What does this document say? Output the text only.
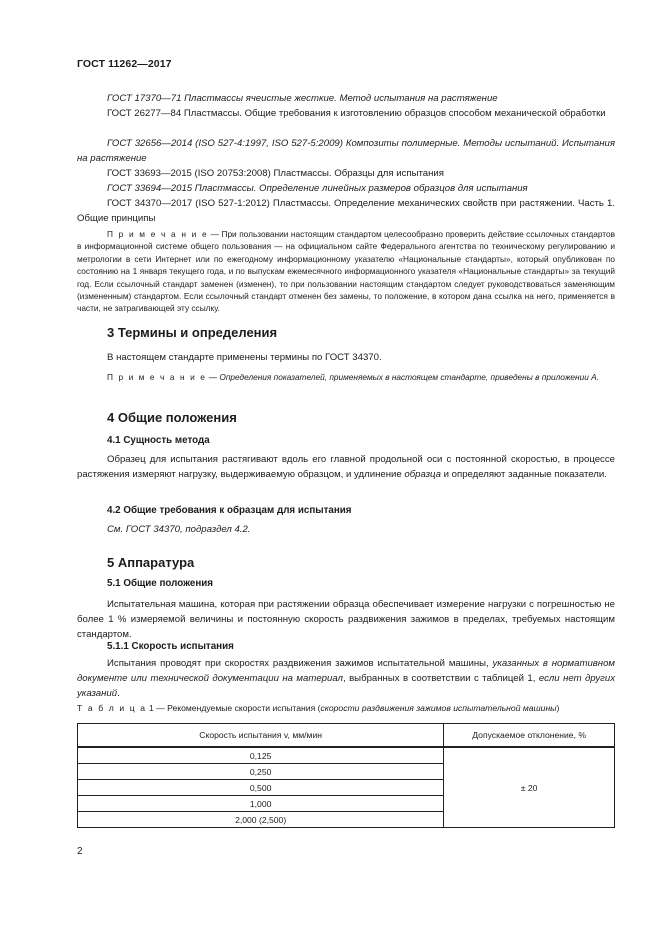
ГОСТ 11262—2017
ГОСТ 17370—71 Пластмассы ячеистые жесткие. Метод испытания на растяжение
ГОСТ 26277—84 Пластмассы. Общие требования к изготовлению образцов способом механической обработки
ГОСТ 32656—2014 (ISO 527-4:1997, ISO 527-5:2009) Композиты полимерные. Методы испытаний. Испытания на растяжение
ГОСТ 33693—2015 (ISO 20753:2008) Пластмассы. Образцы для испытания
ГОСТ 33694—2015 Пластмассы. Определение линейных размеров образцов для испытания
ГОСТ 34370—2017 (ISO 527-1:2012) Пластмассы. Определение механических свойств при растяжении. Часть 1. Общие принципы
П р и м е ч а н и е — При пользовании настоящим стандартом целесообразно проверить действие ссылочных стандартов в информационной системе общего пользования — на официальном сайте Федерального агентства по техническому регулированию и метрологии в сети Интернет или по ежегодному информационному указателю «Национальные стандарты», который опубликован по состоянию на 1 января текущего года, и по выпускам ежемесячного информационного указателя «Национальные стандарты» за текущий год. Если ссылочный стандарт заменен (изменен), то при пользовании настоящим стандартом следует руководствоваться заменяющим (измененным) стандартом. Если ссылочный стандарт отменен без замены, то положение, в котором дана ссылка на него, применяется в части, не затрагивающей эту ссылку.
3 Термины и определения
В настоящем стандарте применены термины по ГОСТ 34370.
П р и м е ч а н и е — Определения показателей, применяемых в настоящем стандарте, приведены в приложении А.
4 Общие положения
4.1 Сущность метода
Образец для испытания растягивают вдоль его главной продольной оси с постоянной скоростью, в процессе растяжения измеряют нагрузку, выдерживаемую образцом, и удлинение образца и определяют заданные показатели.
4.2 Общие требования к образцам для испытания
См. ГОСТ 34370, подраздел 4.2.
5 Аппаратура
5.1 Общие положения
Испытательная машина, которая при растяжении образца обеспечивает измерение нагрузки с погрешностью не более 1 % измеряемой величины и постоянную скорость раздвижения зажимов в пределах, требуемых настоящим стандартом.
5.1.1 Скорость испытания
Испытания проводят при скоростях раздвижения зажимов испытательной машины, указанных в нормативном документе или технической документации на материал, выбранных в соответствии с таблицей 1, если нет других указаний.
Т а б л и ц а 1 — Рекомендуемые скорости испытания (скорости раздвижения зажимов испытательной машины)
Скорость испытания v, мм/мин	Допускаемое отклонение, %
0,125	± 20
0,250	
0,500	
1,000	
2,000 (2,500)	
2
